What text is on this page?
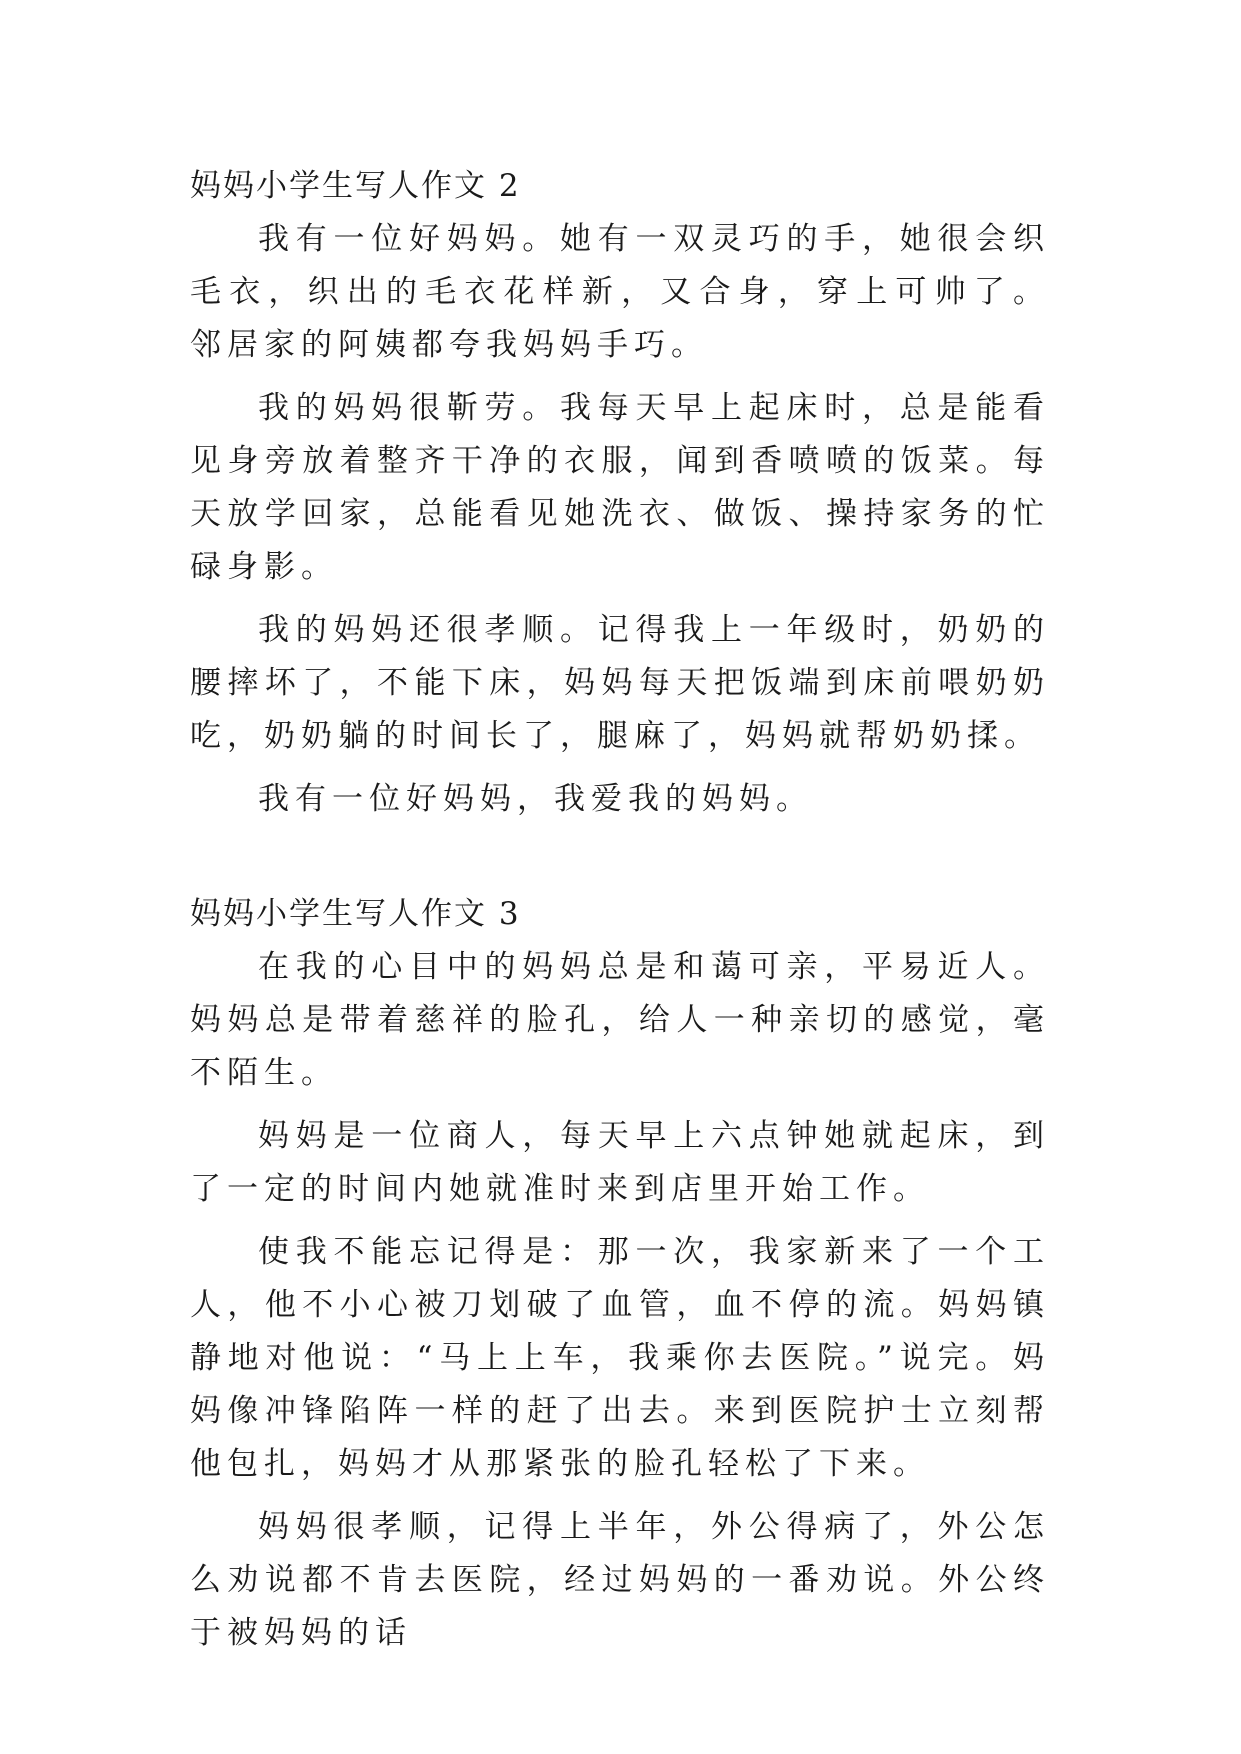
妈妈小学生写人作文 2

我有一位好妈妈。她有一双灵巧的手，她很会织毛衣，织出的毛衣花样新，又合身，穿上可帅了。 邻居家的阿姨都夸我妈妈手巧。

我的妈妈很靳劳。我每天早上起床时，总是能看见身旁放着整齐干净的衣服，闻到香喷喷的饭菜。每天放学回家，总能看见她洗衣、做饭、操持家务的忙碌身影。

我的妈妈还很孝顺。记得我上一年级时，奶奶的腰摔坏了，不能下床，妈妈每天把饭端到床前喂奶奶吃，奶奶躺的时间长了，腿麻了，妈妈就帮奶奶揉。

我有一位好妈妈，我爱我的妈妈。

妈妈小学生写人作文 3

在我的心目中的妈妈总是和蔼可亲，平易近人。妈妈总是带着慈祥的脸孔，给人一种亲切的感觉，毫不陌生。

妈妈是一位商人，每天早上六点钟她就起床，到了一定的时间内她就准时来到店里开始工作。

使我不能忘记得是：那一次，我家新来了一个工人，他不小心被刀划破了血管，血不停的流。妈妈镇静地对他说：“马上上车，我乘你去医院。”说完。妈妈像冲锋陷阵一样的赶了出去。来到医院护士立刻帮他包扎，妈妈才从那紧张的脸孔轻松了下来。

妈妈很孝顺，记得上半年，外公得病了，外公怎么劝说都不肯去医院，经过妈妈的一番劝说。外公终于被妈妈的话
